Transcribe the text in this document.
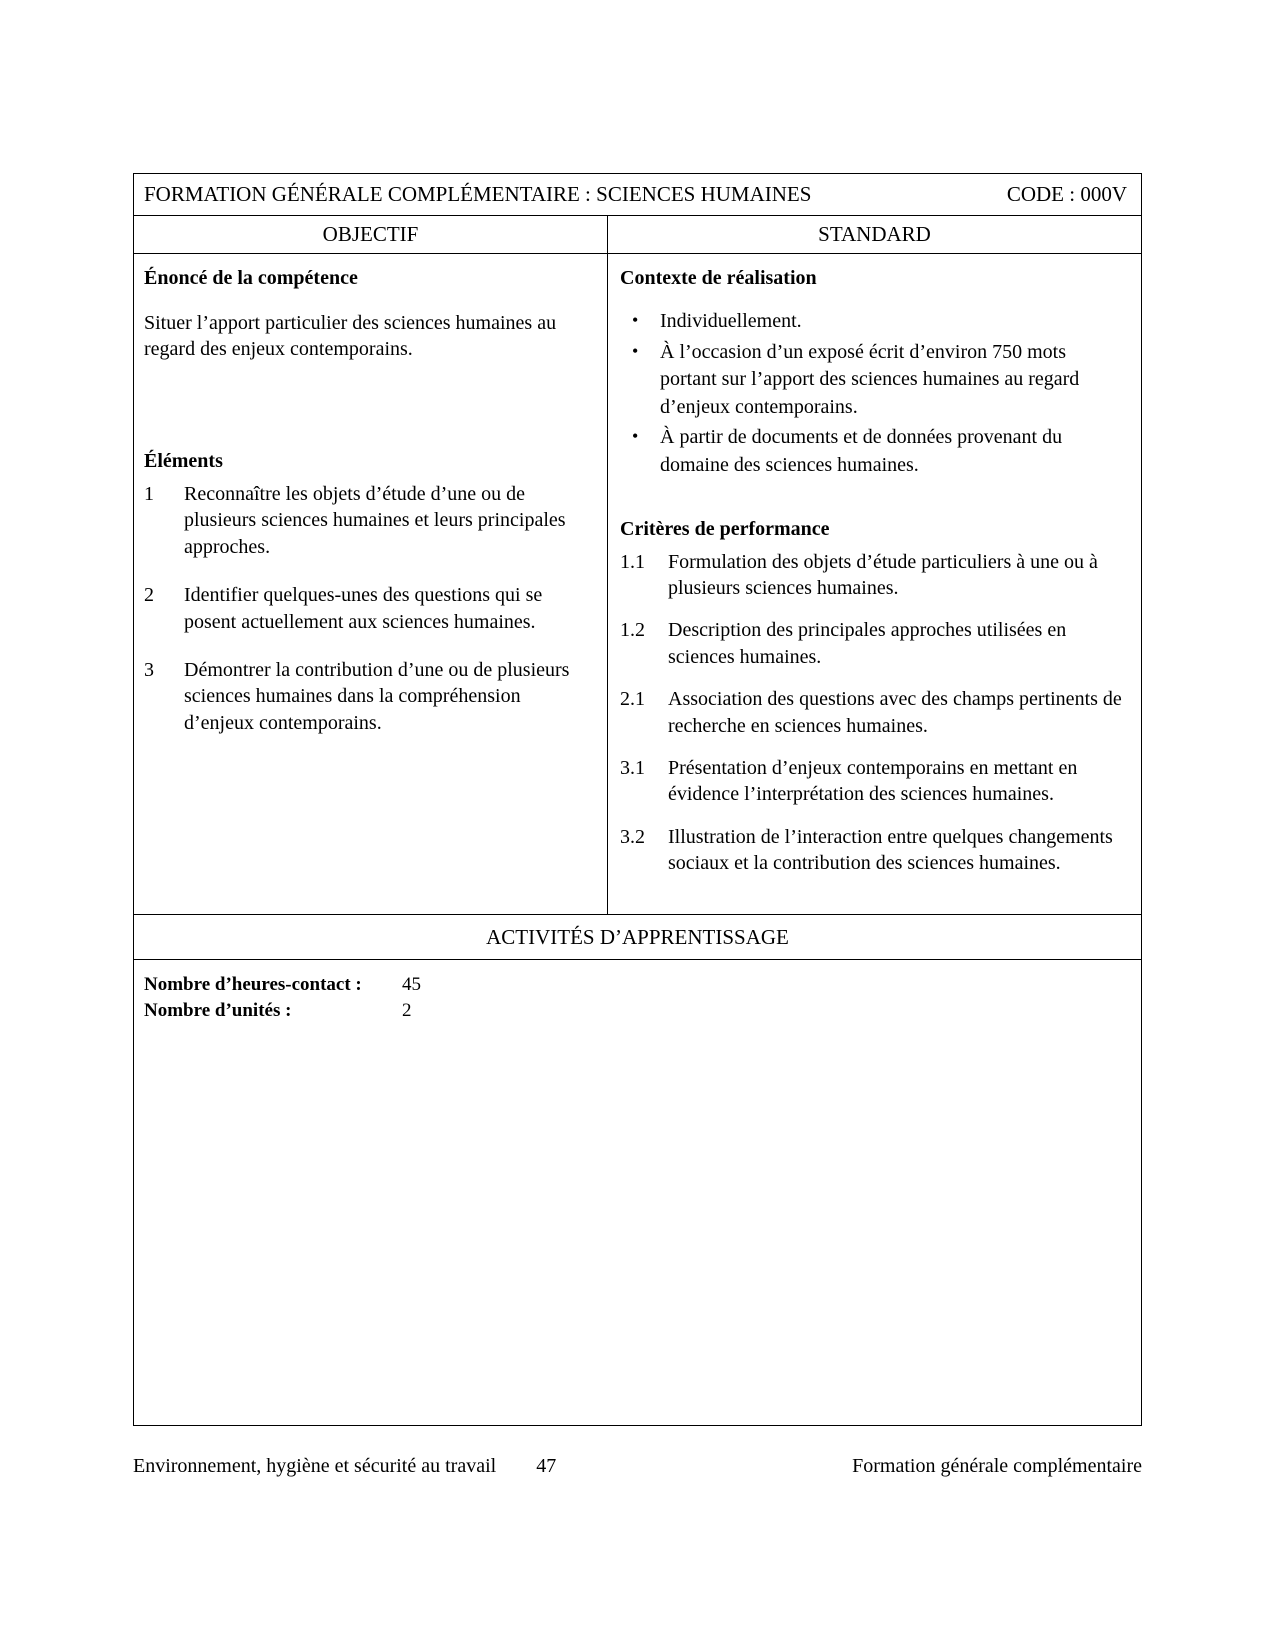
FORMATION GÉNÉRALE COMPLÉMENTAIRE : SCIENCES HUMAINES	CODE : 000V
OBJECTIF	STANDARD
Énoncé de la compétence
Situer l’apport particulier des sciences humaines au regard des enjeux contemporains.
Éléments
1 Reconnaître les objets d’étude d’une ou de plusieurs sciences humaines et leurs principales approches.
2 Identifier quelques-unes des questions qui se posent actuellement aux sciences humaines.
3 Démontrer la contribution d’une ou de plusieurs sciences humaines dans la compréhension d’enjeux contemporains.
Contexte de réalisation
• Individuellement.
• À l’occasion d’un exposé écrit d’environ 750 mots portant sur l’apport des sciences humaines au regard d’enjeux contemporains.
• À partir de documents et de données provenant du domaine des sciences humaines.
Critères de performance
1.1 Formulation des objets d’étude particuliers à une ou à plusieurs sciences humaines.
1.2 Description des principales approches utilisées en sciences humaines.
2.1 Association des questions avec des champs pertinents de recherche en sciences humaines.
3.1 Présentation d’enjeux contemporains en mettant en évidence l’interprétation des sciences humaines.
3.2 Illustration de l’interaction entre quelques changements sociaux et la contribution des sciences humaines.
ACTIVITÉS D’APPRENTISSAGE
Nombre d’heures-contact :	45
Nombre d’unités :	2
Environnement, hygiène et sécurité au travail 47	Formation générale complémentaire
